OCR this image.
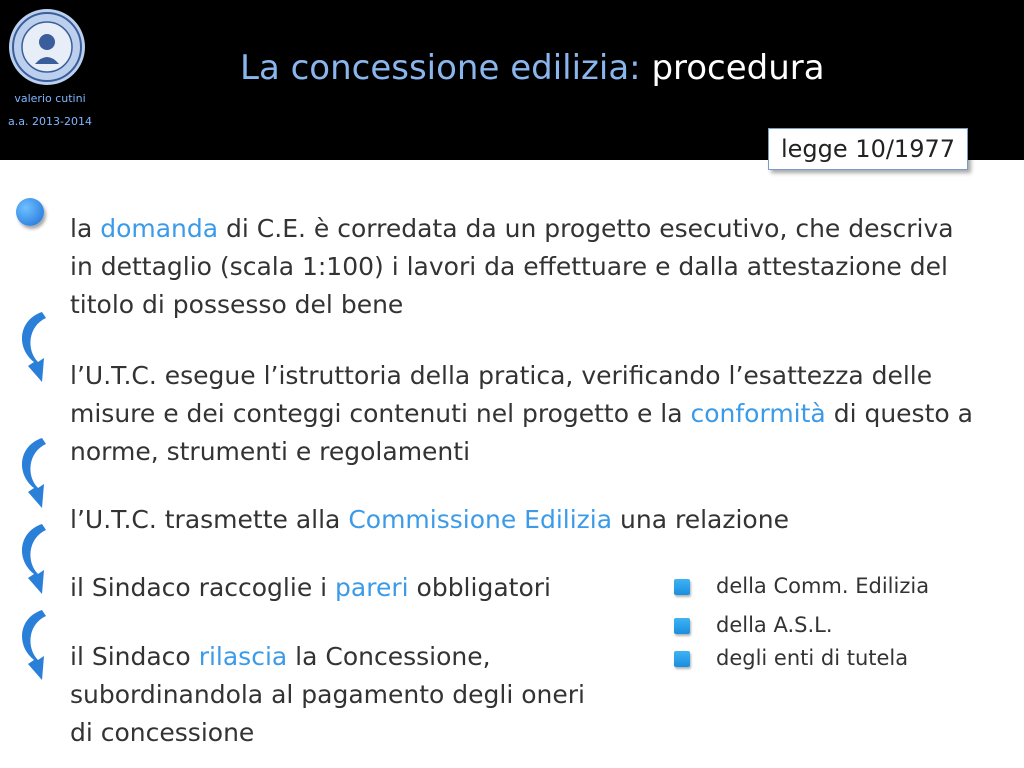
valerio cutini
a.a. 2013-2014
La concessione edilizia: procedura
legge 10/1977
la domanda di C.E. è corredata da un progetto esecutivo, che descriva in dettaglio (scala 1:100) i lavori da effettuare e dalla attestazione del titolo di possesso del bene
l’U.T.C. esegue l’istruttoria della pratica, verificando l’esattezza delle misure e dei conteggi contenuti nel progetto e la conformità di questo a norme, strumenti e regolamenti
l’U.T.C. trasmette alla Commissione Edilizia una relazione
il Sindaco raccoglie i pareri obbligatori
il Sindaco rilascia la Concessione, subordinandola al pagamento degli oneri di concessione
della Comm. Edilizia
della A.S.L.
degli enti di tutela
